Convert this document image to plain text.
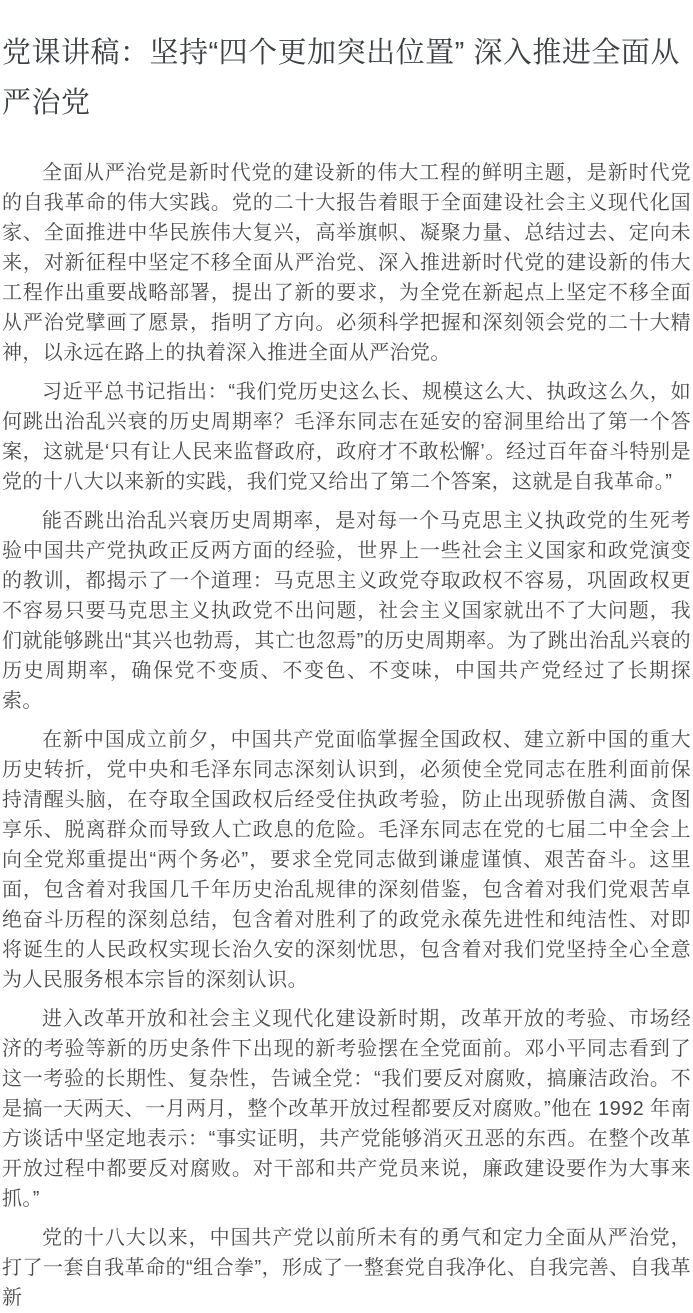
党课讲稿：坚持“四个更加突出位置” 深入推进全面从严治党

全面从严治党是新时代党的建设新的伟大工程的鲜明主题，是新时代党的自我革命的伟大实践。党的二十大报告着眼于全面建设社会主义现代化国家、全面推进中华民族伟大复兴，高举旗帜、凝聚力量、总结过去、定向未来，对新征程中坚定不移全面从严治党、深入推进新时代党的建设新的伟大工程作出重要战略部署，提出了新的要求，为全党在新起点上坚定不移全面从严治党擘画了愿景，指明了方向。必须科学把握和深刻领会党的二十大精神，以永远在路上的执着深入推进全面从严治党。

习近平总书记指出：“我们党历史这么长、规模这么大、执政这么久，如何跳出治乱兴衰的历史周期率？毛泽东同志在延安的窑洞里给出了第一个答案，这就是‘只有让人民来监督政府，政府才不敢松懈’。经过百年奋斗特别是党的十八大以来新的实践，我们党又给出了第二个答案，这就是自我革命。”

能否跳出治乱兴衰历史周期率，是对每一个马克思主义执政党的生死考验中国共产党执政正反两方面的经验，世界上一些社会主义国家和政党演变的教训，都揭示了一个道理：马克思主义政党夺取政权不容易，巩固政权更不容易只要马克思主义执政党不出问题，社会主义国家就出不了大问题，我们就能够跳出“其兴也勃焉，其亡也忽焉”的历史周期率。为了跳出治乱兴衰的历史周期率，确保党不变质、不变色、不变味，中国共产党经过了长期探索。

在新中国成立前夕，中国共产党面临掌握全国政权、建立新中国的重大历史转折，党中央和毛泽东同志深刻认识到，必须使全党同志在胜利面前保持清醒头脑，在夺取全国政权后经受住执政考验，防止出现骄傲自满、贪图享乐、脱离群众而导致人亡政息的危险。毛泽东同志在党的七届二中全会上向全党郑重提出“两个务必”，要求全党同志做到谦虚谨慎、艰苦奋斗。这里面，包含着对我国几千年历史治乱规律的深刻借鉴，包含着对我们党艰苦卓绝奋斗历程的深刻总结，包含着对胜利了的政党永葆先进性和纯洁性、对即将诞生的人民政权实现长治久安的深刻忧思，包含着对我们党坚持全心全意为人民服务根本宗旨的深刻认识。

进入改革开放和社会主义现代化建设新时期，改革开放的考验、市场经济的考验等新的历史条件下出现的新考验摆在全党面前。邓小平同志看到了这一考验的长期性、复杂性，告诫全党：“我们要反对腐败，搞廉洁政治。不是搞一天两天、一月两月，整个改革开放过程都要反对腐败。”他在 1992 年南方谈话中坚定地表示：“事实证明，共产党能够消灭丑恶的东西。在整个改革开放过程中都要反对腐败。对干部和共产党员来说，廉政建设要作为大事来抓。”

党的十八大以来，中国共产党以前所未有的勇气和定力全面从严治党，打了一套自我革命的“组合拳”，形成了一整套党自我净化、自我完善、自我革新
